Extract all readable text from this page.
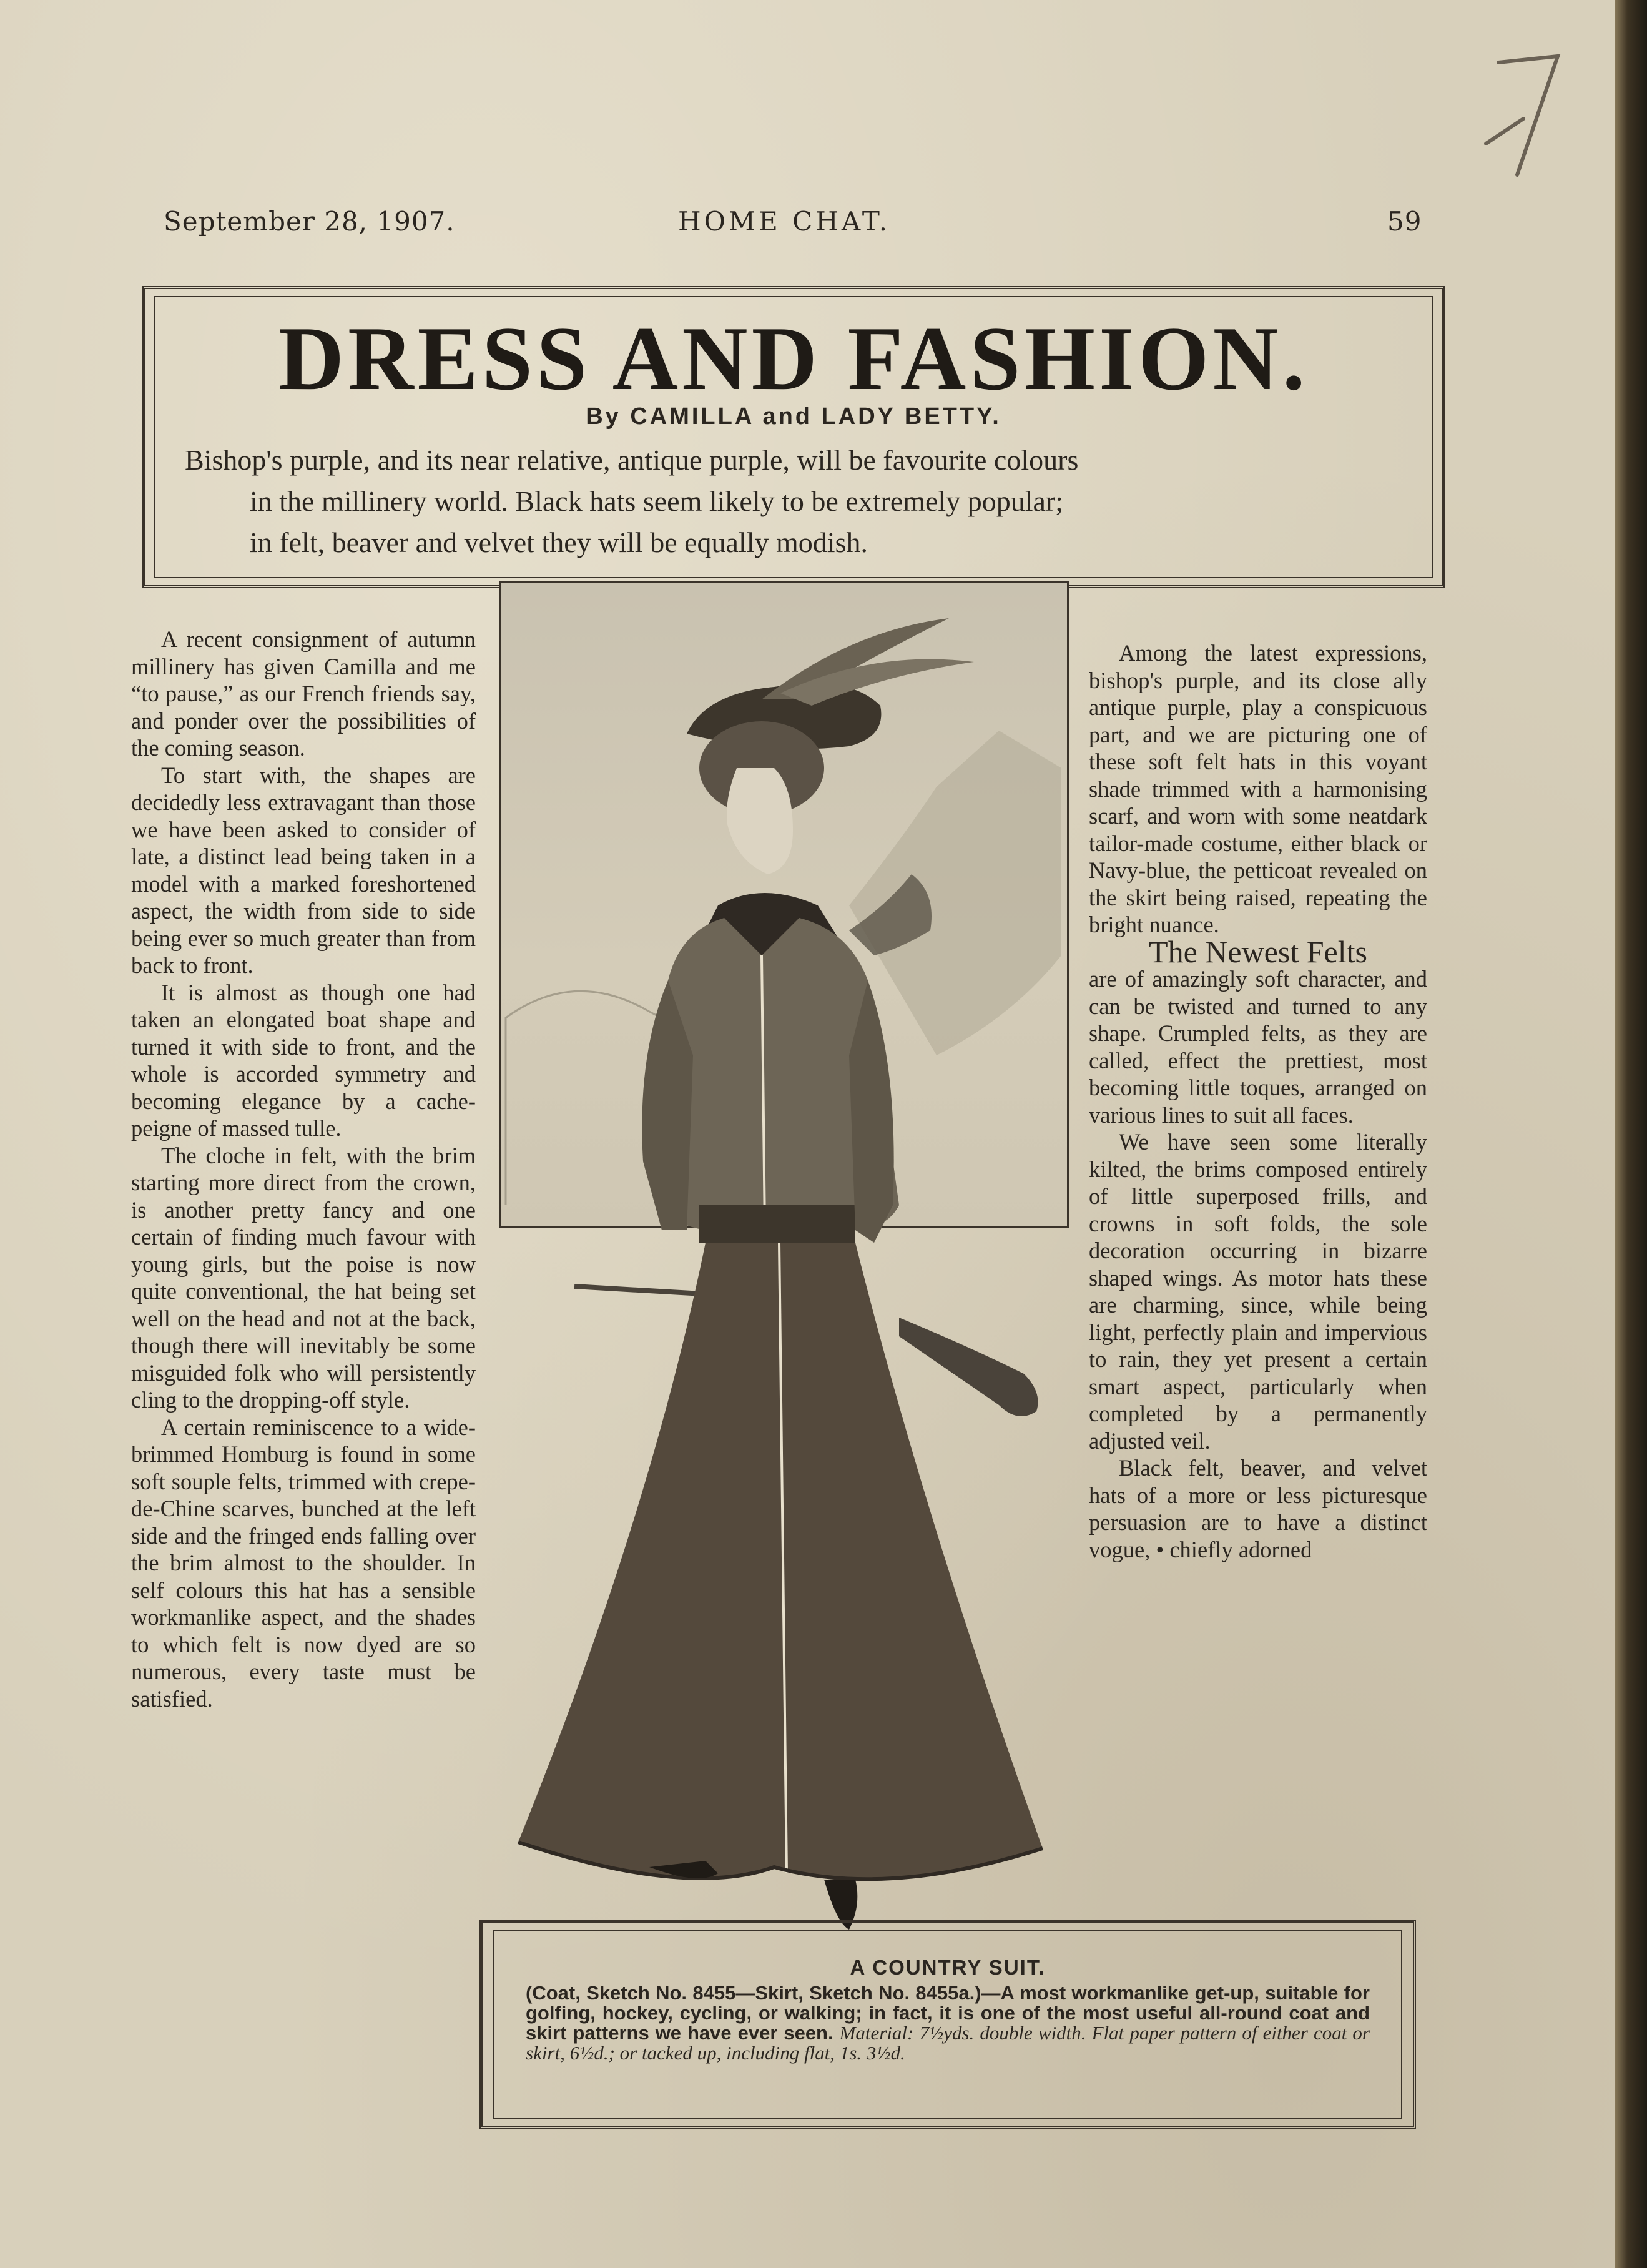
September 28, 1907.	HOME CHAT.	59
DRESS AND FASHION.
By CAMILLA and LADY BETTY.
Bishop's purple, and its near relative, antique purple, will be favourite colours
in the millinery world. Black hats seem likely to be extremely popular;
in felt, beaver and velvet they will be equally modish.

A recent consignment of autumn millinery has given Camilla and me “to pause,” as our French friends say, and ponder over the possibilities of the coming season.

To start with, the shapes are decidedly less extravagant than those we have been asked to consider of late, a distinct lead being taken in a model with a marked foreshortened aspect, the width from side to side being ever so much greater than from back to front.

It is almost as though one had taken an elongated boat shape and turned it with side to front, and the whole is accorded symmetry and becoming elegance by a cache-peigne of massed tulle.

The cloche in felt, with the brim starting more direct from the crown, is another pretty fancy and one certain of finding much favour with young girls, but the poise is now quite conventional, the hat being set well on the head and not at the back, though there will inevitably be some misguided folk who will persistently cling to the dropping-off style.

A certain reminiscence to a wide-brimmed Homburg is found in some soft souple felts, trimmed with crepe-de-Chine scarves, bunched at the left side and the fringed ends falling over the brim almost to the shoulder. In self colours this hat has a sensible workmanlike aspect, and the shades to which felt is now dyed are so numerous, every taste must be satisfied.

Among the latest expressions, bishop's purple, and its close ally antique purple, play a conspicuous part, and we are picturing one of these soft felt hats in this voyant shade trimmed with a harmonising scarf, and worn with some neatdark tailor-made costume, either black or Navy-blue, the petticoat revealed on the skirt being raised, repeating the bright nuance.

The Newest Felts

are of amazingly soft character, and can be twisted and turned to any shape. Crumpled felts, as they are called, effect the prettiest, most becoming little toques, arranged on various lines to suit all faces.

We have seen some literally kilted, the brims composed entirely of little superposed frills, and crowns in soft folds, the sole decoration occurring in bizarre shaped wings. As motor hats these are charming, since, while being light, perfectly plain and impervious to rain, they yet present a certain smart aspect, particularly when completed by a permanently adjusted veil.

Black felt, beaver, and velvet hats of a more or less picturesque persuasion are to have a distinct vogue, • chiefly adorned

A COUNTRY SUIT.
(Coat, Sketch No. 8455—Skirt, Sketch No. 8455a.)—A most workmanlike get-up, suitable for golfing, hockey, cycling, or walking; in fact, it is one of the most useful all-round coat and skirt patterns we have ever seen. Material: 7½yds. double width. Flat paper pattern of either coat or skirt, 6½d.; or tacked up, including flat, 1s. 3½d.
